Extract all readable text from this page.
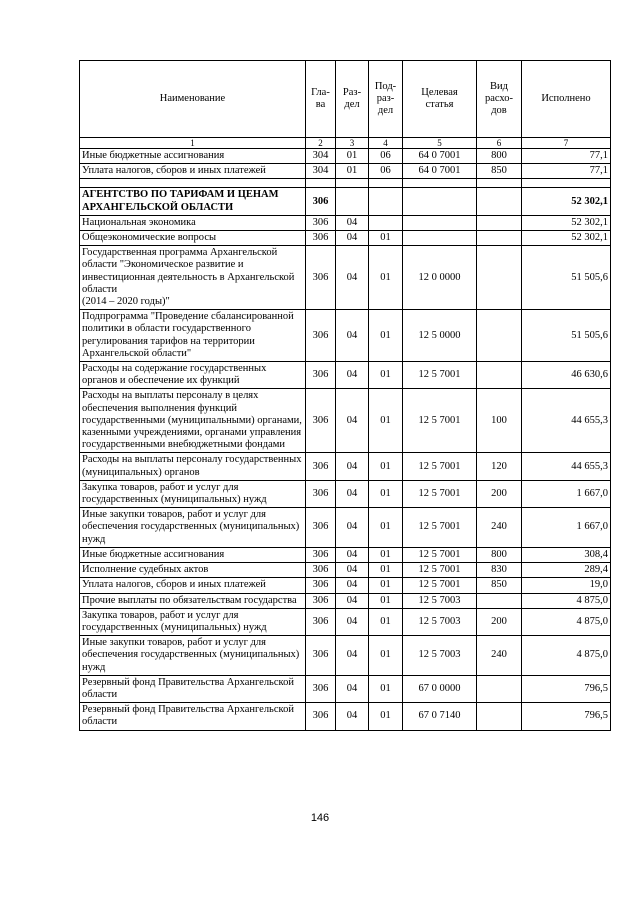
Наименование	Гла-
ва	Раз-
дел	Под-
раз-
дел	Целевая
статья	Вид
расхо-
дов	Исполнено
1	2	3	4	5	6	7
Иные бюджетные ассигнования	304	01	06	64 0 7001	800	77,1
Уплата налогов, сборов и иных платежей	304	01	06	64 0 7001	850	77,1

АГЕНТСТВО ПО ТАРИФАМ И ЦЕНАМ АРХАНГЕЛЬСКОЙ ОБЛАСТИ	306					52 302,1
Национальная экономика	306	04				52 302,1
Общеэкономические вопросы	306	04	01			52 302,1
Государственная программа Архангельской области "Экономическое развитие и инвестиционная деятельность в Архангельской области
(2014 – 2020 годы)"	306	04	01	12 0 0000		51 505,6
Подпрограмма "Проведение сбалансированной политики в области государственного регулирования тарифов на территории Архангельской области"	306	04	01	12 5 0000		51 505,6
Расходы на содержание государственных органов и обеспечение их функций	306	04	01	12 5 7001		46 630,6
Расходы на выплаты персоналу в целях обеспечения выполнения функций государственными (муниципальными) органами, казенными учреждениями, органами управления государственными внебюджетными фондами	306	04	01	12 5 7001	100	44 655,3
Расходы на выплаты персоналу государственных (муниципальных) органов	306	04	01	12 5 7001	120	44 655,3
Закупка товаров, работ и услуг для государственных (муниципальных) нужд	306	04	01	12 5 7001	200	1 667,0
Иные закупки товаров, работ и услуг для обеспечения государственных (муниципальных) нужд	306	04	01	12 5 7001	240	1 667,0
Иные бюджетные ассигнования	306	04	01	12 5 7001	800	308,4
Исполнение судебных актов	306	04	01	12 5 7001	830	289,4
Уплата налогов, сборов и иных платежей	306	04	01	12 5 7001	850	19,0
Прочие выплаты по обязательствам государства	306	04	01	12 5 7003		4 875,0
Закупка товаров, работ и услуг для государственных (муниципальных) нужд	306	04	01	12 5 7003	200	4 875,0
Иные закупки товаров, работ и услуг для обеспечения государственных (муниципальных) нужд	306	04	01	12 5 7003	240	4 875,0
Резервный фонд Правительства Архангельской области	306	04	01	67 0 0000		796,5
Резервный фонд Правительства Архангельской области	306	04	01	67 0 7140		796,5
146
